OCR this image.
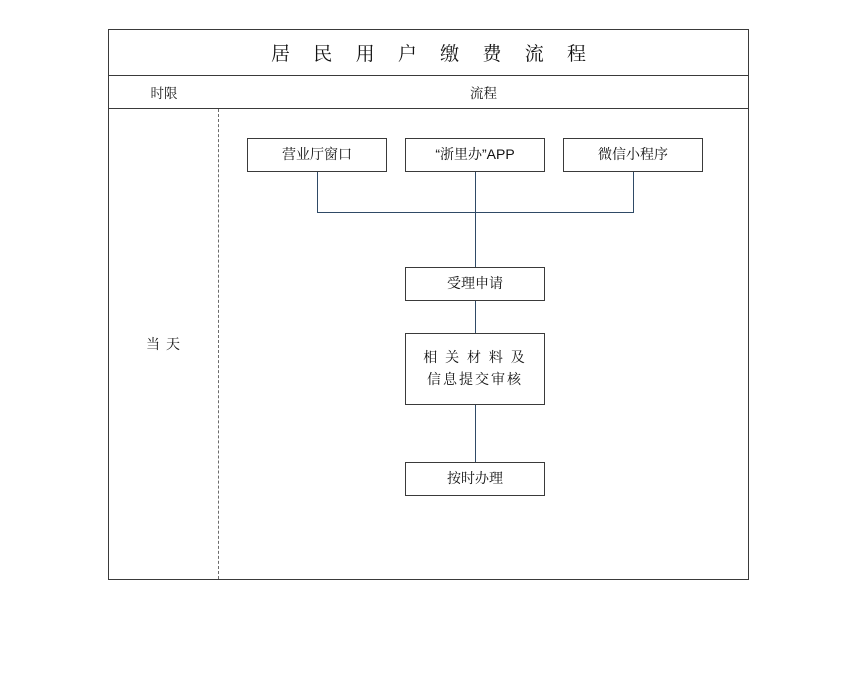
居 民 用 户 缴 费 流 程
时限	流程
当 天
营业厅窗口	“浙里办”APP	微信小程序
受理申请
相 关 材 料 及
信息提交审核
按时办理
